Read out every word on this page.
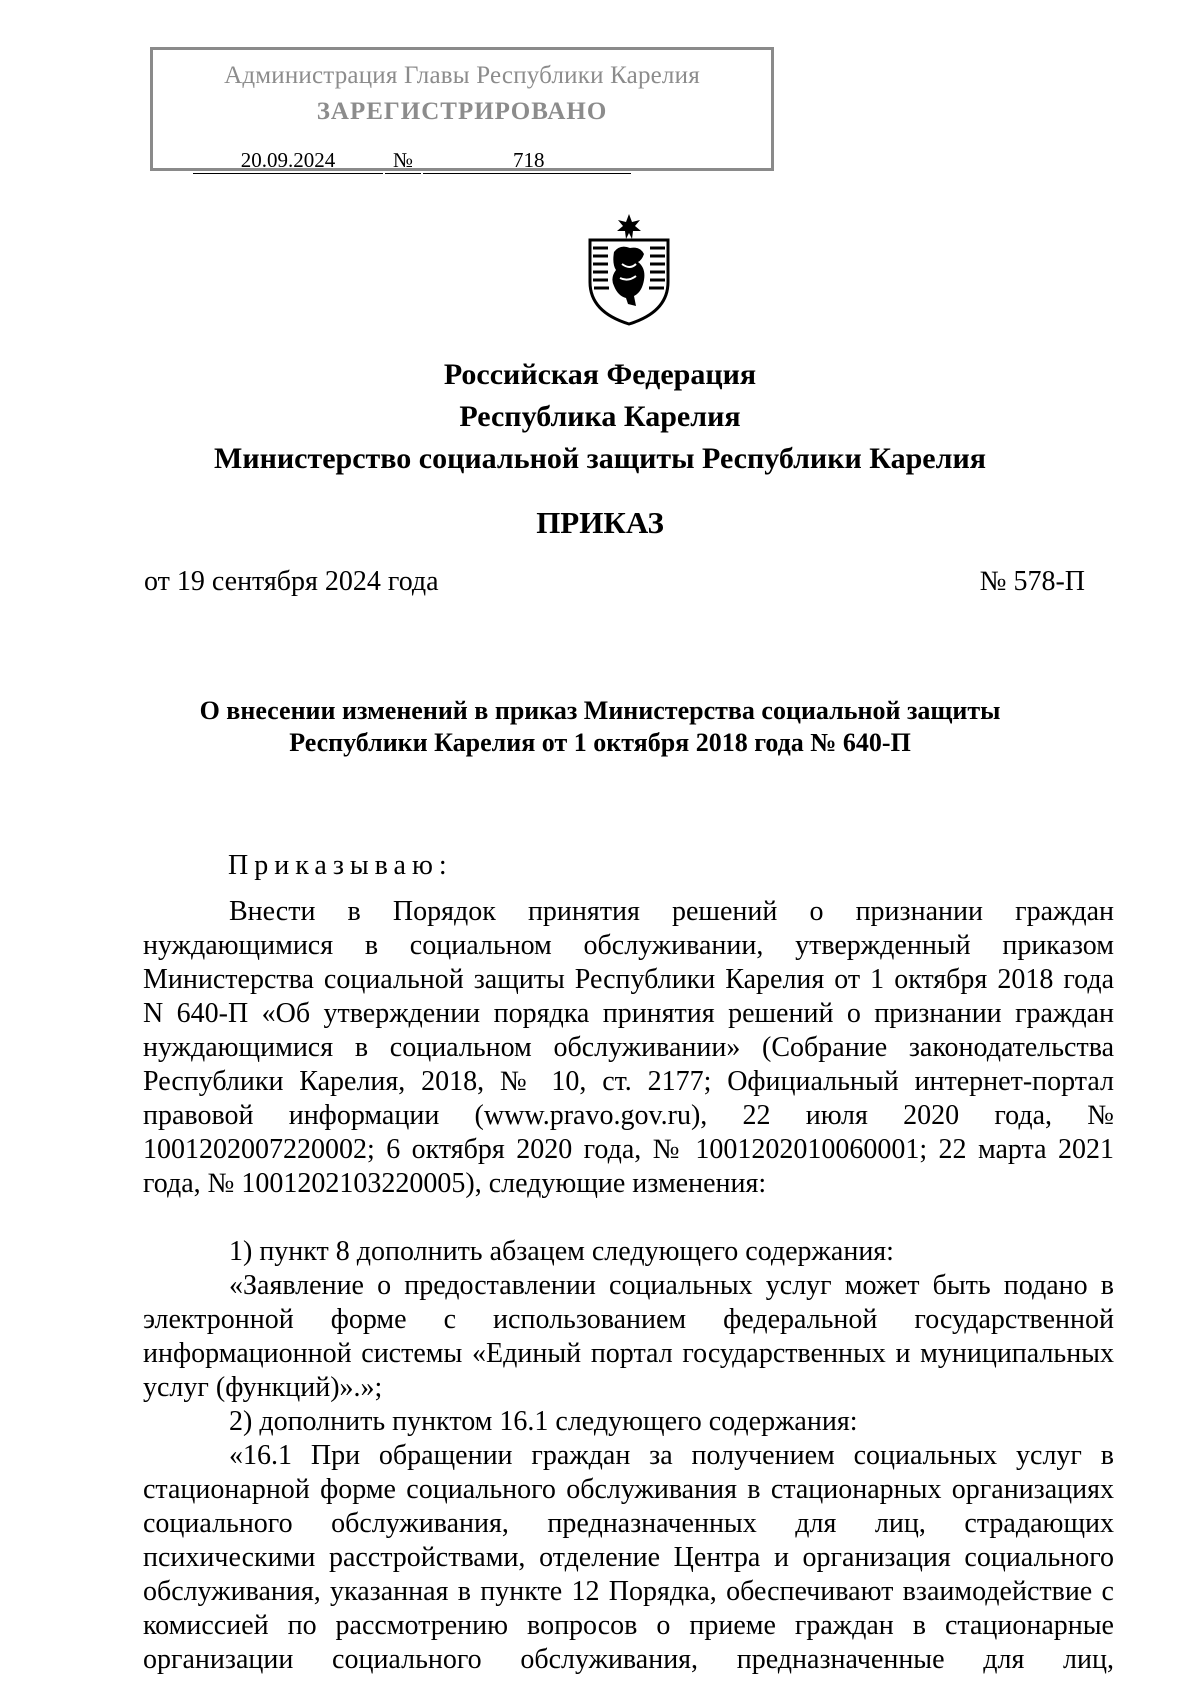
Администрация Главы Республики Карелия
ЗАРЕГИСТРИРОВАНО
20.09.2024	№	718
Российская Федерация
Республика Карелия
Министерство социальной защиты Республики Карелия
ПРИКАЗ
от 19 сентября 2024 года	№ 578-П
О внесении изменений в приказ Министерства социальной защиты
Республики Карелия от 1 октября 2018 года № 640-П
Приказываю:
Внести в Порядок принятия решений о признании граждан нуждающимися в социальном обслуживании, утвержденный приказом Министерства социальной защиты Республики Карелия от 1 октября 2018 года N 640-П «Об утверждении порядка принятия решений о признании граждан нуждающимися в социальном обслуживании» (Собрание законодательства Республики Карелия, 2018, № 10, ст. 2177; Официальный интернет-портал правовой информации (www.pravo.gov.ru), 22 июля 2020 года, № 1001202007220002; 6 октября 2020 года, № 1001202010060001; 22 марта 2021 года, № 1001202103220005), следующие изменения:
1) пункт 8 дополнить абзацем следующего содержания:
«Заявление о предоставлении социальных услуг может быть подано в электронной форме с использованием федеральной государственной информационной системы «Единый портал государственных и муниципальных услуг (функций)».»;
2) дополнить пунктом 16.1 следующего содержания:
«16.1 При обращении граждан за получением социальных услуг в стационарной форме социального обслуживания в стационарных организациях социального обслуживания, предназначенных для лиц, страдающих психическими расстройствами, отделение Центра и организация социального обслуживания, указанная в пункте 12 Порядка, обеспечивают взаимодействие с комиссией по рассмотрению вопросов о приеме граждан в стационарные организации социального обслуживания, предназначенные для лиц,
